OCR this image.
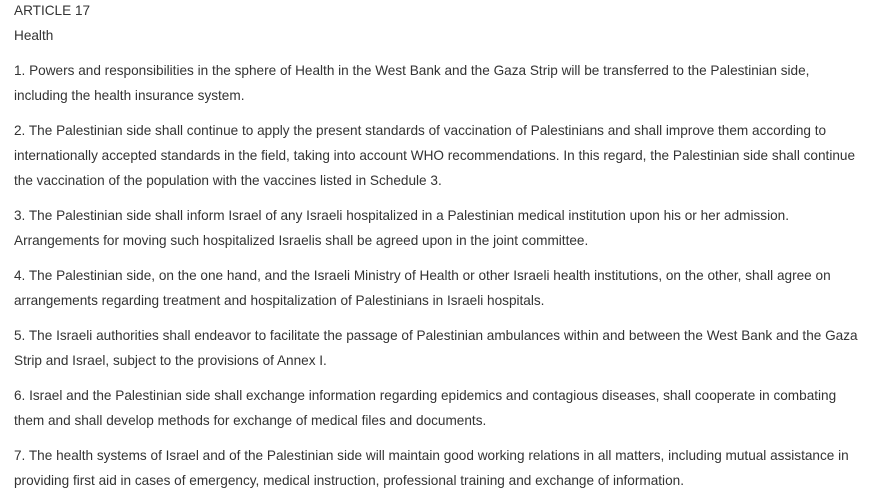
ARTICLE 17

Health

1. Powers and responsibilities in the sphere of Health in the West Bank and the Gaza Strip will be transferred to the Palestinian side, including the health insurance system.

2. The Palestinian side shall continue to apply the present standards of vaccination of Palestinians and shall improve them according to internationally accepted standards in the field, taking into account WHO recommendations. In this regard, the Palestinian side shall continue the vaccination of the population with the vaccines listed in Schedule 3.

3. The Palestinian side shall inform Israel of any Israeli hospitalized in a Palestinian medical institution upon his or her admission. Arrangements for moving such hospitalized Israelis shall be agreed upon in the joint committee.

4. The Palestinian side, on the one hand, and the Israeli Ministry of Health or other Israeli health institutions, on the other, shall agree on arrangements regarding treatment and hospitalization of Palestinians in Israeli hospitals.

5. The Israeli authorities shall endeavor to facilitate the passage of Palestinian ambulances within and between the West Bank and the Gaza Strip and Israel, subject to the provisions of Annex I.

6. Israel and the Palestinian side shall exchange information regarding epidemics and contagious diseases, shall cooperate in combating them and shall develop methods for exchange of medical files and documents.

7. The health systems of Israel and of the Palestinian side will maintain good working relations in all matters, including mutual assistance in providing first aid in cases of emergency, medical instruction, professional training and exchange of information.
